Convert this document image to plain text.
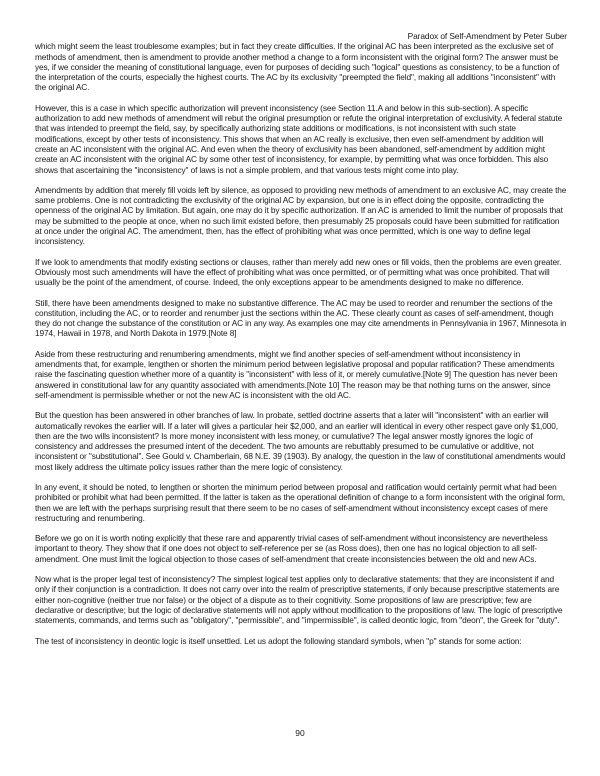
Paradox of Self-Amendment by Peter Suber

which might seem the least troublesome examples; but in fact they create difficulties. If the original AC has been interpreted as the exclusive set of methods of amendment, then is amendment to provide another method a change to a form inconsistent with the original form? The answer must be yes, if we consider the meaning of constitutional language, even for purposes of deciding such "logical" questions as consistency, to be a function of the interpretation of the courts, especially the highest courts. The AC by its exclusivity "preempted the field", making all additions "inconsistent" with the original AC.

However, this is a case in which specific authorization will prevent inconsistency (see Section 11.A and below in this sub-section). A specific authorization to add new methods of amendment will rebut the original presumption or refute the original interpretation of exclusivity. A federal statute that was intended to preempt the field, say, by specifically authorizing state additions or modifications, is not inconsistent with such state modifications, except by other tests of inconsistency. This shows that when an AC really is exclusive, then even self-amendment by addition will create an AC inconsistent with the original AC. And even when the theory of exclusivity has been abandoned, self-amendment by addition might create an AC inconsistent with the original AC by some other test of inconsistency, for example, by permitting what was once forbidden. This also shows that ascertaining the "inconsistency" of laws is not a simple problem, and that various tests might come into play.

Amendments by addition that merely fill voids left by silence, as opposed to providing new methods of amendment to an exclusive AC, may create the same problems. One is not contradicting the exclusivity of the original AC by expansion, but one is in effect doing the opposite, contradicting the openness of the original AC by limitation. But again, one may do it by specific authorization. If an AC is amended to limit the number of proposals that may be submitted to the people at once, when no such limit existed before, then presumably 25 proposals could have been submitted for ratification at once under the original AC. The amendment, then, has the effect of prohibiting what was once permitted, which is one way to define legal inconsistency.

If we look to amendments that modify existing sections or clauses, rather than merely add new ones or fill voids, then the problems are even greater. Obviously most such amendments will have the effect of prohibiting what was once permitted, or of permitting what was once prohibited. That will usually be the point of the amendment, of course. Indeed, the only exceptions appear to be amendments designed to make no difference.

Still, there have been amendments designed to make no substantive difference. The AC may be used to reorder and renumber the sections of the constitution, including the AC, or to reorder and renumber just the sections within the AC. These clearly count as cases of self-amendment, though they do not change the substance of the constitution or AC in any way. As examples one may cite amendments in Pennsylvania in 1967, Minnesota in 1974, Hawaii in 1978, and North Dakota in 1979.[Note 8]

Aside from these restructuring and renumbering amendments, might we find another species of self-amendment without inconsistency in amendments that, for example, lengthen or shorten the minimum period between legislative proposal and popular ratification? These amendments raise the fascinating question whether more of a quantity is "inconsistent" with less of it, or merely cumulative.[Note 9] The question has never been answered in constitutional law for any quantity associated with amendments.[Note 10] The reason may be that nothing turns on the answer, since self-amendment is permissible whether or not the new AC is inconsistent with the old AC.

But the question has been answered in other branches of law. In probate, settled doctrine asserts that a later will "inconsistent" with an earlier will automatically revokes the earlier will. If a later will gives a particular heir $2,000, and an earlier will identical in every other respect gave only $1,000, then are the two wills inconsistent? Is more money inconsistent with less money, or cumulative? The legal answer mostly ignores the logic of consistency and addresses the presumed intent of the decedent. The two amounts are rebuttably presumed to be cumulative or additive, not inconsistent or "substitutional". See Gould v. Chamberlain, 68 N.E. 39 (1903). By analogy, the question in the law of constitutional amendments would most likely address the ultimate policy issues rather than the mere logic of consistency.

In any event, it should be noted, to lengthen or shorten the minimum period between proposal and ratification would certainly permit what had been prohibited or prohibit what had been permitted. If the latter is taken as the operational definition of change to a form inconsistent with the original form, then we are left with the perhaps surprising result that there seem to be no cases of self-amendment without inconsistency except cases of mere restructuring and renumbering.

Before we go on it is worth noting explicitly that these rare and apparently trivial cases of self-amendment without inconsistency are nevertheless important to theory. They show that if one does not object to self-reference per se (as Ross does), then one has no logical objection to all self-amendment. One must limit the logical objection to those cases of self-amendment that create inconsistencies between the old and new ACs.

Now what is the proper legal test of inconsistency? The simplest logical test applies only to declarative statements: that they are inconsistent if and only if their conjunction is a contradiction. It does not carry over into the realm of prescriptive statements, if only because prescriptive statements are either non-cognitive (neither true nor false) or the object of a dispute as to their cognitivity. Some propositions of law are prescriptive; few are declarative or descriptive; but the logic of declarative statements will not apply without modification to the propositions of law. The logic of prescriptive statements, commands, and terms such as "obligatory", "permissible", and "impermissible", is called deontic logic, from "deon", the Greek for "duty".

The test of inconsistency in deontic logic is itself unsettled. Let us adopt the following standard symbols, when "p" stands for some action:

90
